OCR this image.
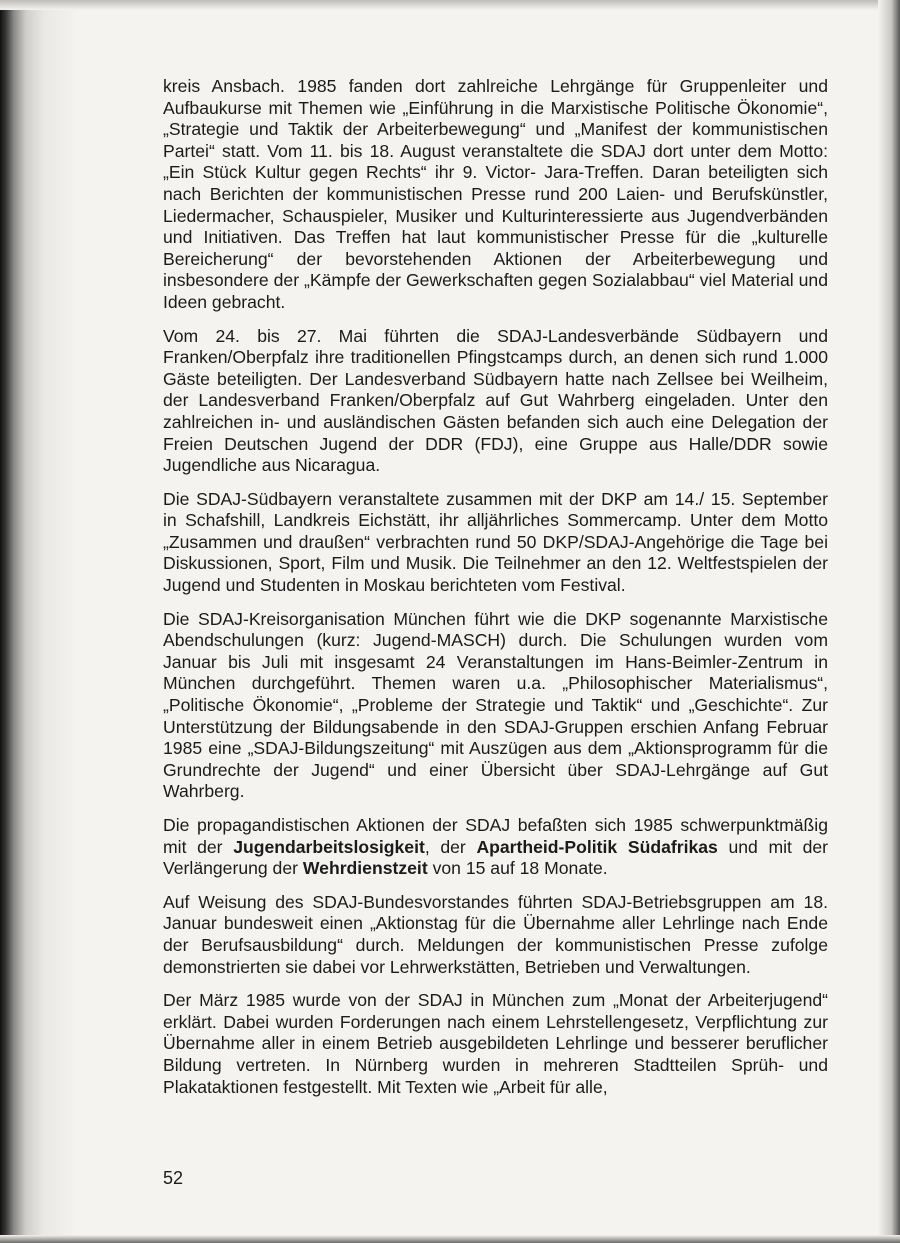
kreis Ansbach. 1985 fanden dort zahlreiche Lehrgänge für Gruppenleiter und Aufbaukurse mit Themen wie „Einführung in die Marxistische Politische Ökonomie“, „Strategie und Taktik der Arbeiterbewegung“ und „Manifest der kommunistischen Partei“ statt. Vom 11. bis 18. August veranstaltete die SDAJ dort unter dem Motto: „Ein Stück Kultur gegen Rechts“ ihr 9. Victor- Jara-Treffen. Daran beteiligten sich nach Berichten der kommunistischen Presse rund 200 Laien- und Berufskünstler, Liedermacher, Schauspieler, Musiker und Kulturinteressierte aus Jugendverbänden und Initiativen. Das Treffen hat laut kommunistischer Presse für die „kulturelle Bereicherung“ der bevorstehenden Aktionen der Arbeiterbewegung und insbesondere der „Kämpfe der Gewerkschaften gegen Sozialabbau“ viel Material und Ideen gebracht.

Vom 24. bis 27. Mai führten die SDAJ-Landesverbände Südbayern und Franken/Oberpfalz ihre traditionellen Pfingstcamps durch, an denen sich rund 1.000 Gäste beteiligten. Der Landesverband Südbayern hatte nach Zellsee bei Weilheim, der Landesverband Franken/Oberpfalz auf Gut Wahrberg eingeladen. Unter den zahlreichen in- und ausländischen Gästen befanden sich auch eine Delegation der Freien Deutschen Jugend der DDR (FDJ), eine Gruppe aus Halle/DDR sowie Jugendliche aus Nicaragua.

Die SDAJ-Südbayern veranstaltete zusammen mit der DKP am 14./ 15. September in Schafshill, Landkreis Eichstätt, ihr alljährliches Sommercamp. Unter dem Motto „Zusammen und draußen“ verbrachten rund 50 DKP/SDAJ-Angehörige die Tage bei Diskussionen, Sport, Film und Musik. Die Teilnehmer an den 12. Weltfestspielen der Jugend und Studenten in Moskau berichteten vom Festival.

Die SDAJ-Kreisorganisation München führt wie die DKP sogenannte Marxistische Abendschulungen (kurz: Jugend-MASCH) durch. Die Schulungen wurden vom Januar bis Juli mit insgesamt 24 Veranstaltungen im Hans-Beimler-Zentrum in München durchgeführt. Themen waren u.a. „Philosophischer Materialismus“, „Politische Ökonomie“, „Probleme der Strategie und Taktik“ und „Geschichte“. Zur Unterstützung der Bildungsabende in den SDAJ-Gruppen erschien Anfang Februar 1985 eine „SDAJ-Bildungszeitung“ mit Auszügen aus dem „Aktionsprogramm für die Grundrechte der Jugend“ und einer Übersicht über SDAJ-Lehrgänge auf Gut Wahrberg.

Die propagandistischen Aktionen der SDAJ befaßten sich 1985 schwerpunktmäßig mit der Jugendarbeitslosigkeit, der Apartheid-Politik Südafrikas und mit der Verlängerung der Wehrdienstzeit von 15 auf 18 Monate.

Auf Weisung des SDAJ-Bundesvorstandes führten SDAJ-Betriebsgruppen am 18. Januar bundesweit einen „Aktionstag für die Übernahme aller Lehrlinge nach Ende der Berufsausbildung“ durch. Meldungen der kommunistischen Presse zufolge demonstrierten sie dabei vor Lehrwerkstätten, Betrieben und Verwaltungen.

Der März 1985 wurde von der SDAJ in München zum „Monat der Arbeiterjugend“ erklärt. Dabei wurden Forderungen nach einem Lehrstellengesetz, Verpflichtung zur Übernahme aller in einem Betrieb ausgebildeten Lehrlinge und besserer beruflicher Bildung vertreten. In Nürnberg wurden in mehreren Stadtteilen Sprüh- und Plakataktionen festgestellt. Mit Texten wie „Arbeit für alle,

52
